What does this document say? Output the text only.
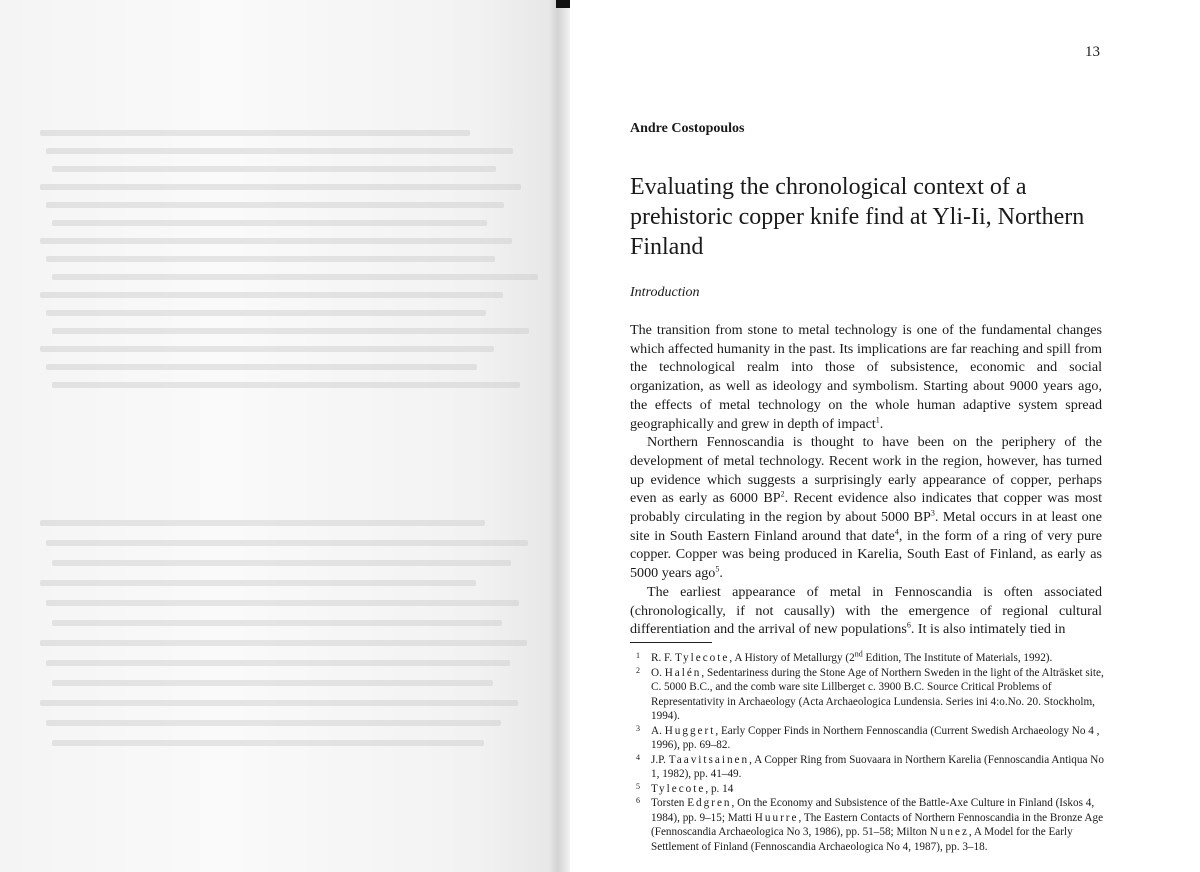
13
Andre Costopoulos
Evaluating the chronological context of a prehistoric copper knife find at Yli-Ii, Northern Finland
Introduction

The transition from stone to metal technology is one of the fundamental changes which affected humanity in the past. Its implications are far reaching and spill from the technological realm into those of subsistence, economic and social organization, as well as ideology and symbolism. Starting about 9000 years ago, the effects of metal technology on the whole human adaptive system spread geographically and grew in depth of impact$^1$.

Northern Fennoscandia is thought to have been on the periphery of the development of metal technology. Recent work in the region, however, has turned up evidence which suggests a surprisingly early appearance of copper, perhaps even as early as 6000 $BP^2$. Recent evidence also indicates that copper was most probably circulating in the region by about 5000 $BP^3$. Metal occurs in at least one site in South Eastern Finland around that date$^4$, in the form of a ring of very pure copper. Copper was being produced in Karelia, South East of Finland, as early as 5000 years ago$^5$.

The earliest appearance of metal in Fennoscandia is often associated (chronologically, if not causally) with the emergence of regional cultural differentiation and the arrival of new populations$^6$. It is also intimately tied in

1 R. F. Tylecote, A History of Metallurgy (2nd Edition, The Institute of Materials, 1992).
2 O. Halén, Sedentariness during the Stone Age of Northern Sweden in the light of the Alträsket site, C. 5000 B.C., and the comb ware site Lillberget c. 3900 B.C. Source Critical Problems of Representativity in Archaeology (Acta Archaeologica Lundensia. Series ini 4:o.No. 20. Stockholm, 1994).
3 A. Huggert, Early Copper Finds in Northern Fennoscandia (Current Swedish Archaeology No 4 , 1996), pp. 69–82.
4 J.P. Taavitsainen, A Copper Ring from Suovaara in Northern Karelia (Fennoscandia Antiqua No 1, 1982), pp. 41–49.
5 Tylecote, p. 14
6 Torsten Edgren, On the Economy and Subsistence of the Battle-Axe Culture in Finland (Iskos 4, 1984), pp. 9–15; Matti Huurre, The Eastern Contacts of Northern Fennoscandia in the Bronze Age (Fennoscandia Archaeologica No 3, 1986), pp. 51–58; Milton Nunez, A Model for the Early Settlement of Finland (Fennoscandia Archaeologica No 4, 1987), pp. 3–18.
